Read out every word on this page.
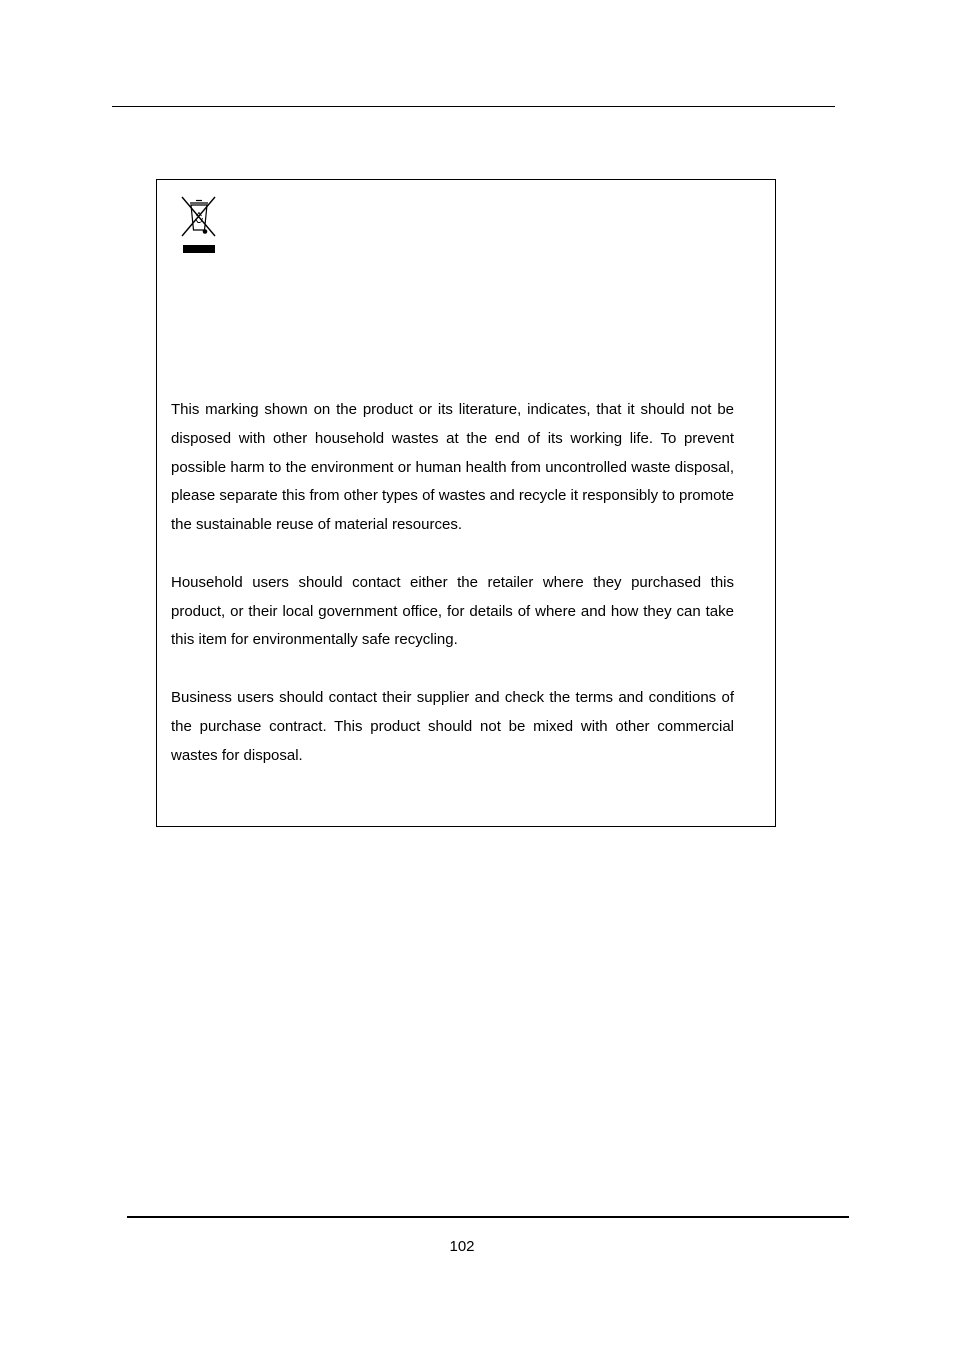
This marking shown on the product or its literature, indicates, that it should not be disposed with other household wastes at the end of its working life. To prevent possible harm to the environment or human health from uncontrolled waste disposal, please separate this from other types of wastes and recycle it responsibly to promote the sustainable reuse of material resources.

Household users should contact either the retailer where they purchased this product, or their local government office, for details of where and how they can take this item for environmentally safe recycling.

Business users should contact their supplier and check the terms and conditions of the purchase contract. This product should not be mixed with other commercial wastes for disposal.

102
